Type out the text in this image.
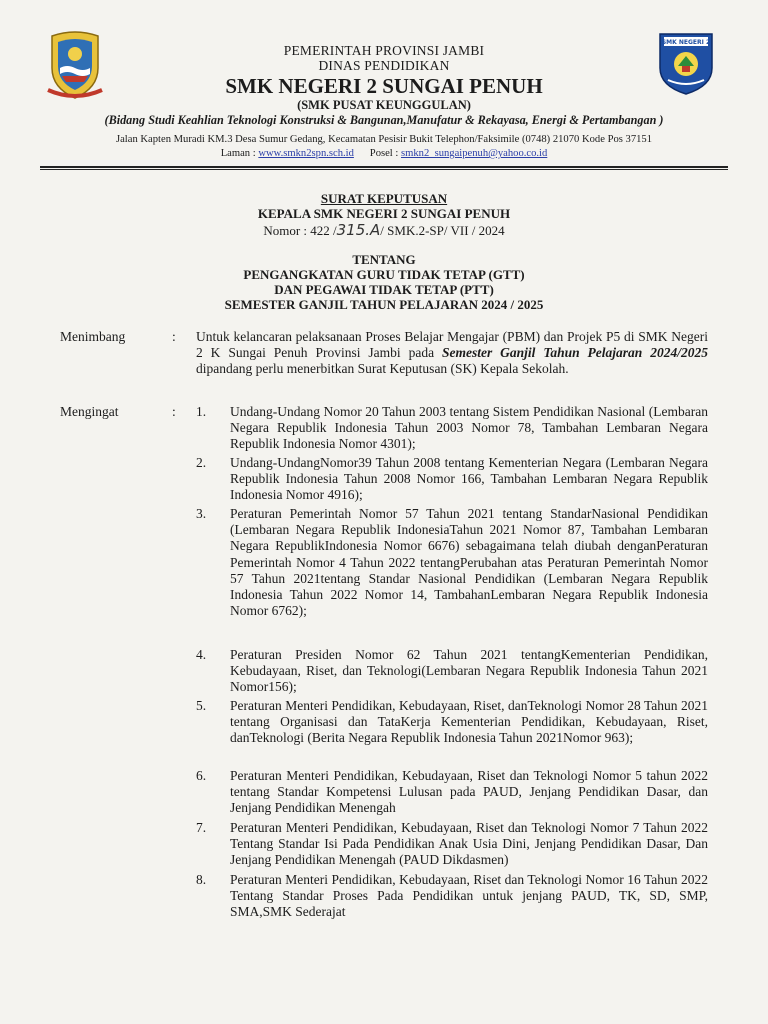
SMK NEGERI 2
PEMERINTAH PROVINSI JAMBI
DINAS PENDIDIKAN
SMK NEGERI 2 SUNGAI PENUH
(SMK PUSAT KEUNGGULAN)
(Bidang Studi Keahlian Teknologi Konstruksi & Bangunan,Manufatur & Rekayasa, Energi & Pertambangan )
Jalan Kapten Muradi KM.3 Desa Sumur Gedang, Kecamatan Pesisir Bukit Telephon/Faksimile (0748) 21070 Kode Pos 37151
Laman : www.smkn2spn.sch.id Posel : smkn2_sungaipenuh@yahoo.co.id
SURAT KEPUTUSAN
KEPALA SMK NEGERI 2 SUNGAI PENUH
Nomor : 422 /315.A/ SMK.2-SP/ VII / 2024
TENTANG
PENGANGKATAN GURU TIDAK TETAP (GTT)
DAN PEGAWAI TIDAK TETAP (PTT)
SEMESTER GANJIL TAHUN PELAJARAN 2024 / 2025
Menimbang	: Untuk kelancaran pelaksanaan Proses Belajar Mengajar (PBM) dan Projek P5 di SMK Negeri 2 K Sungai Penuh Provinsi Jambi pada Semester Ganjil Tahun Pelajaran 2024/2025 dipandang perlu menerbitkan Surat Keputusan (SK) Kepala Sekolah.
Mengingat	: 1. Undang-Undang Nomor 20 Tahun 2003 tentang Sistem Pendidikan Nasional (Lembaran Negara Republik Indonesia Tahun 2003 Nomor 78, Tambahan Lembaran Negara Republik Indonesia Nomor 4301);
2. Undang-UndangNomor39 Tahun 2008 tentang Kementerian Negara (Lembaran Negara Republik Indonesia Tahun 2008 Nomor 166, Tambahan Lembaran Negara Republik Indonesia Nomor 4916);
3. Peraturan Pemerintah Nomor 57 Tahun 2021 tentang StandarNasional Pendidikan (Lembaran Negara Republik IndonesiaTahun 2021 Nomor 87, Tambahan Lembaran Negara RepublikIndonesia Nomor 6676) sebagaimana telah diubah denganPeraturan Pemerintah Nomor 4 Tahun 2022 tentangPerubahan atas Peraturan Pemerintah Nomor 57 Tahun 2021tentang Standar Nasional Pendidikan (Lembaran Negara Republik Indonesia Tahun 2022 Nomor 14, TambahanLembaran Negara Republik Indonesia Nomor 6762);
4. Peraturan Presiden Nomor 62 Tahun 2021 tentangKementerian Pendidikan, Kebudayaan, Riset, dan Teknologi(Lembaran Negara Republik Indonesia Tahun 2021 Nomor156);
5. Peraturan Menteri Pendidikan, Kebudayaan, Riset, danTeknologi Nomor 28 Tahun 2021 tentang Organisasi dan TataKerja Kementerian Pendidikan, Kebudayaan, Riset, danTeknologi (Berita Negara Republik Indonesia Tahun 2021Nomor 963);
6. Peraturan Menteri Pendidikan, Kebudayaan, Riset dan Teknologi Nomor 5 tahun 2022 tentang Standar Kompetensi Lulusan pada PAUD, Jenjang Pendidikan Dasar, dan Jenjang Pendidikan Menengah
7. Peraturan Menteri Pendidikan, Kebudayaan, Riset dan Teknologi Nomor 7 Tahun 2022 Tentang Standar Isi Pada Pendidikan Anak Usia Dini, Jenjang Pendidikan Dasar, Dan Jenjang Pendidikan Menengah (PAUD Dikdasmen)
8. Peraturan Menteri Pendidikan, Kebudayaan, Riset dan Teknologi Nomor 16 Tahun 2022 Tentang Standar Proses Pada Pendidikan untuk jenjang PAUD, TK, SD, SMP, SMA,SMK Sederajat
